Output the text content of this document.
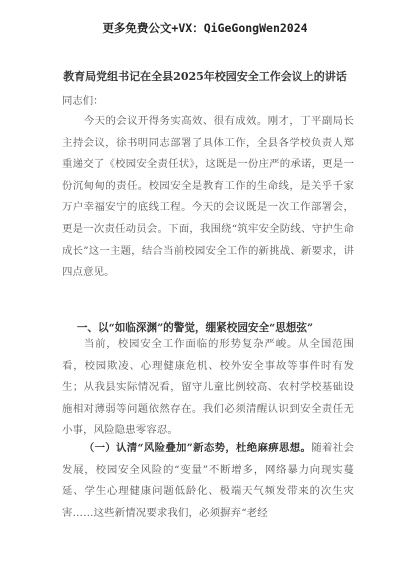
更多免费公文+VX：QiGeGongWen2024
教育局党组书记在全县2025年校园安全工作会议上的讲话
同志们：
今天的会议开得务实高效、很有成效。刚才，丁平副局长主持会议，徐书明同志部署了具体工作，全县各学校负责人郑重递交了《校园安全责任状》，这既是一份庄严的承诺，更是一份沉甸甸的责任。校园安全是教育工作的生命线，是关乎千家万户幸福安宁的底线工程。今天的会议既是一次工作部署会，更是一次责任动员会。下面，我围绕“筑牢安全防线、守护生命成长”这一主题，结合当前校园安全工作的新挑战、新要求，讲四点意见。
一、以“如临深渊”的警觉，绷紧校园安全“思想弦”
当前，校园安全工作面临的形势复杂严峻。从全国范围看，校园欺凌、心理健康危机、校外安全事故等事件时有发生；从我县实际情况看，留守儿童比例较高、农村学校基础设施相对薄弱等问题依然存在。我们必须清醒认识到安全责任无小事，风险隐患零容忍。
（一）认清“风险叠加”新态势，杜绝麻痹思想。随着社会发展，校园安全风险的“变量”不断增多，网络暴力向现实蔓延、学生心理健康问题低龄化、极端天气频发带来的次生灾害……这些新情况要求我们，必须摒弃“老经
